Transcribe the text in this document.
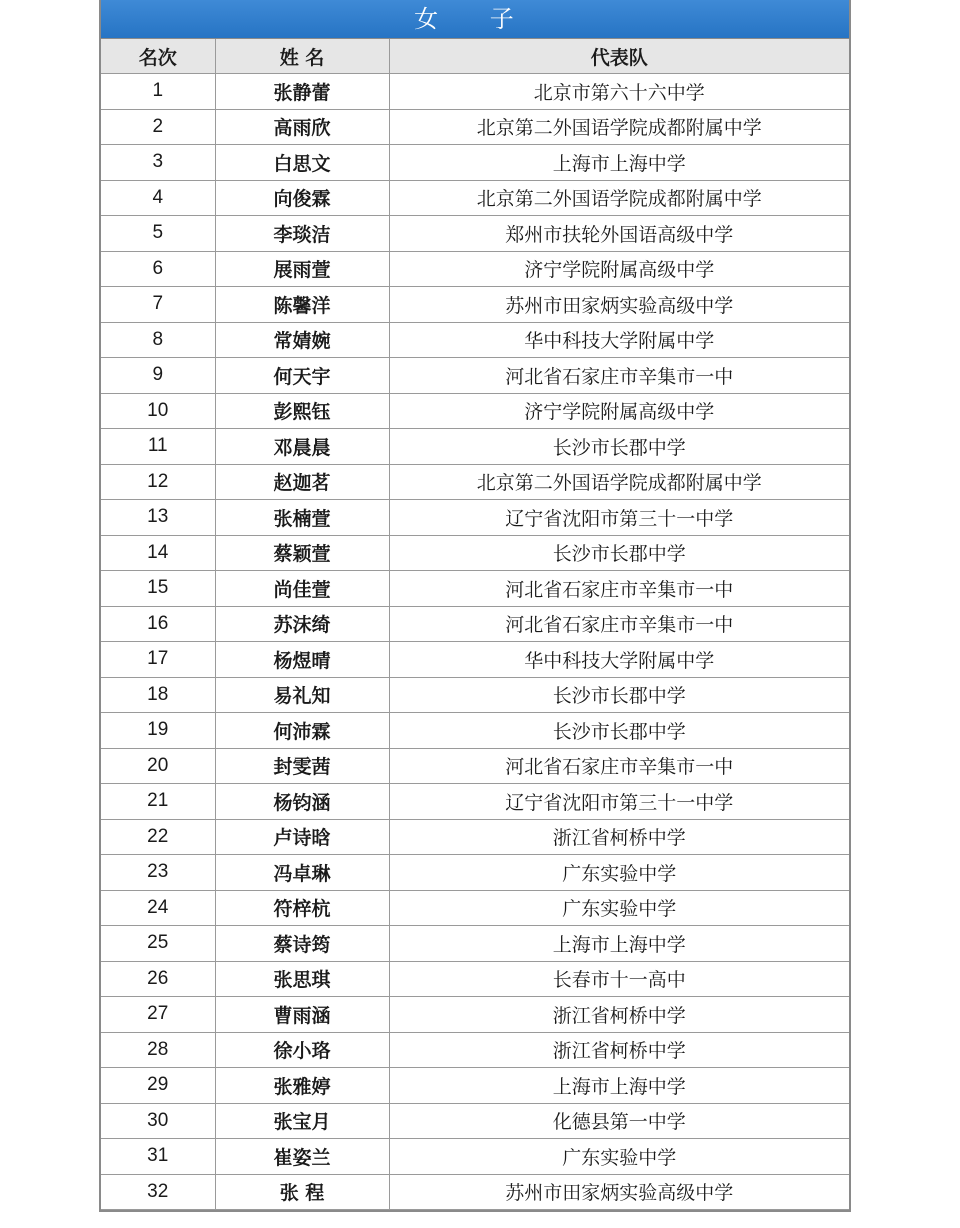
女 子
名次	姓 名	代表队
1	张静蕾	北京市第六十六中学
2	高雨欣	北京第二外国语学院成都附属中学
3	白思文	上海市上海中学
4	向俊霖	北京第二外国语学院成都附属中学
5	李琰洁	郑州市扶轮外国语高级中学
6	展雨萱	济宁学院附属高级中学
7	陈馨洋	苏州市田家炳实验高级中学
8	常婧婉	华中科技大学附属中学
9	何天宇	河北省石家庄市辛集市一中
10	彭熙钰	济宁学院附属高级中学
11	邓晨晨	长沙市长郡中学
12	赵迦茗	北京第二外国语学院成都附属中学
13	张楠萱	辽宁省沈阳市第三十一中学
14	蔡颖萱	长沙市长郡中学
15	尚佳萱	河北省石家庄市辛集市一中
16	苏沫绮	河北省石家庄市辛集市一中
17	杨煜晴	华中科技大学附属中学
18	易礼知	长沙市长郡中学
19	何沛霖	长沙市长郡中学
20	封雯茜	河北省石家庄市辛集市一中
21	杨钧涵	辽宁省沈阳市第三十一中学
22	卢诗晗	浙江省柯桥中学
23	冯卓琳	广东实验中学
24	符梓杭	广东实验中学
25	蔡诗筠	上海市上海中学
26	张思琪	长春市十一高中
27	曹雨涵	浙江省柯桥中学
28	徐小珞	浙江省柯桥中学
29	张雅婷	上海市上海中学
30	张宝月	化德县第一中学
31	崔姿兰	广东实验中学
32	张 程	苏州市田家炳实验高级中学
